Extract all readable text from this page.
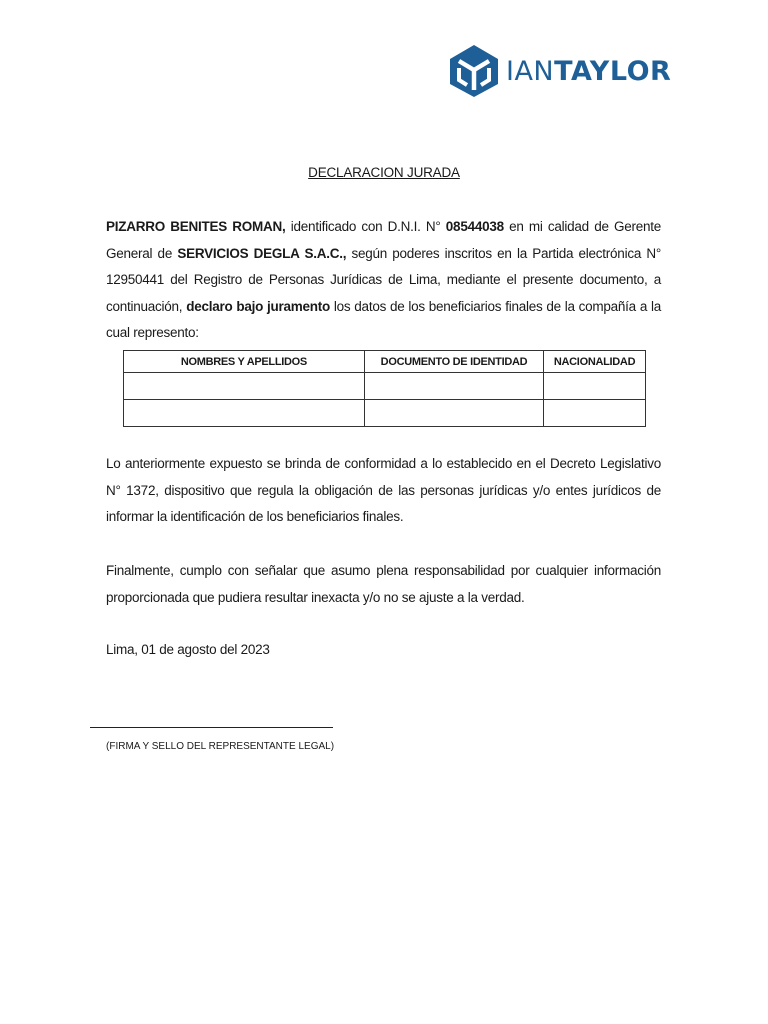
IANTAYLOR
DECLARACION JURADA
PIZARRO BENITES ROMAN, identificado con D.N.I. N° 08544038 en mi calidad de Gerente General de SERVICIOS DEGLA S.A.C., según poderes inscritos en la Partida electrónica N° 12950441 del Registro de Personas Jurídicas de Lima, mediante el presente documento, a continuación, declaro bajo juramento los datos de los beneficiarios finales de la compañía a la cual represento:
NOMBRES Y APELLIDOS	DOCUMENTO DE IDENTIDAD	NACIONALIDAD

Lo anteriormente expuesto se brinda de conformidad a lo establecido en el Decreto Legislativo N° 1372, dispositivo que regula la obligación de las personas jurídicas y/o entes jurídicos de informar la identificación de los beneficiarios finales.
Finalmente, cumplo con señalar que asumo plena responsabilidad por cualquier información proporcionada que pudiera resultar inexacta y/o no se ajuste a la verdad.
Lima, 01 de agosto del 2023
(FIRMA Y SELLO DEL REPRESENTANTE LEGAL)
